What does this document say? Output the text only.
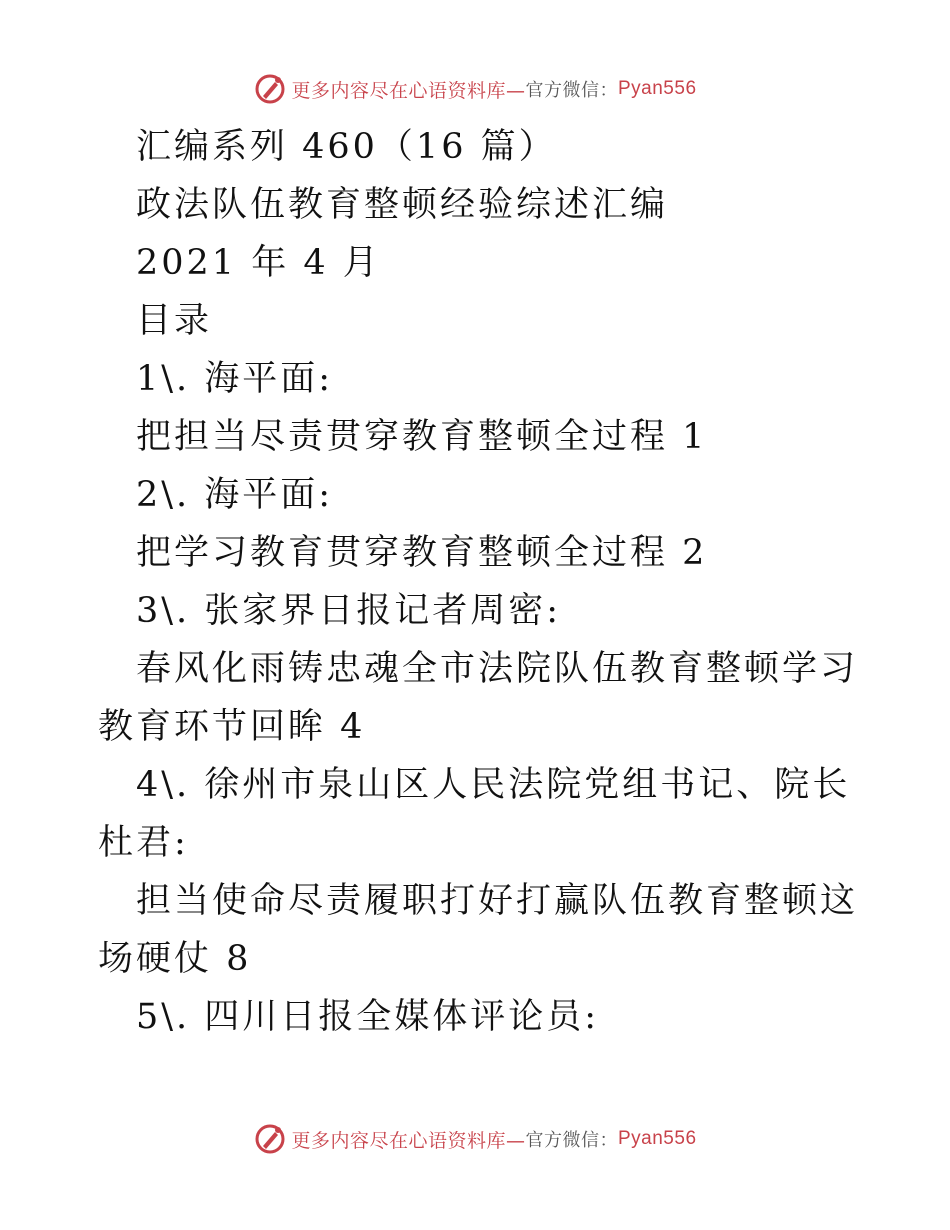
更多内容尽在心语资料库— 官方微信： Pyan556

汇编系列 460（16 篇）

政法队伍教育整顿经验综述汇编

2021 年 4 月

目录

1\. 海平面:

把担当尽责贯穿教育整顿全过程 1

2\. 海平面:

把学习教育贯穿教育整顿全过程 2

3\. 张家界日报记者周密:

春风化雨铸忠魂全市法院队伍教育整顿学习教育环节回眸 4

4\. 徐州市泉山区人民法院党组书记、院长杜君:

担当使命尽责履职打好打赢队伍教育整顿这场硬仗 8

5\. 四川日报全媒体评论员:

更多内容尽在心语资料库— 官方微信： Pyan556
